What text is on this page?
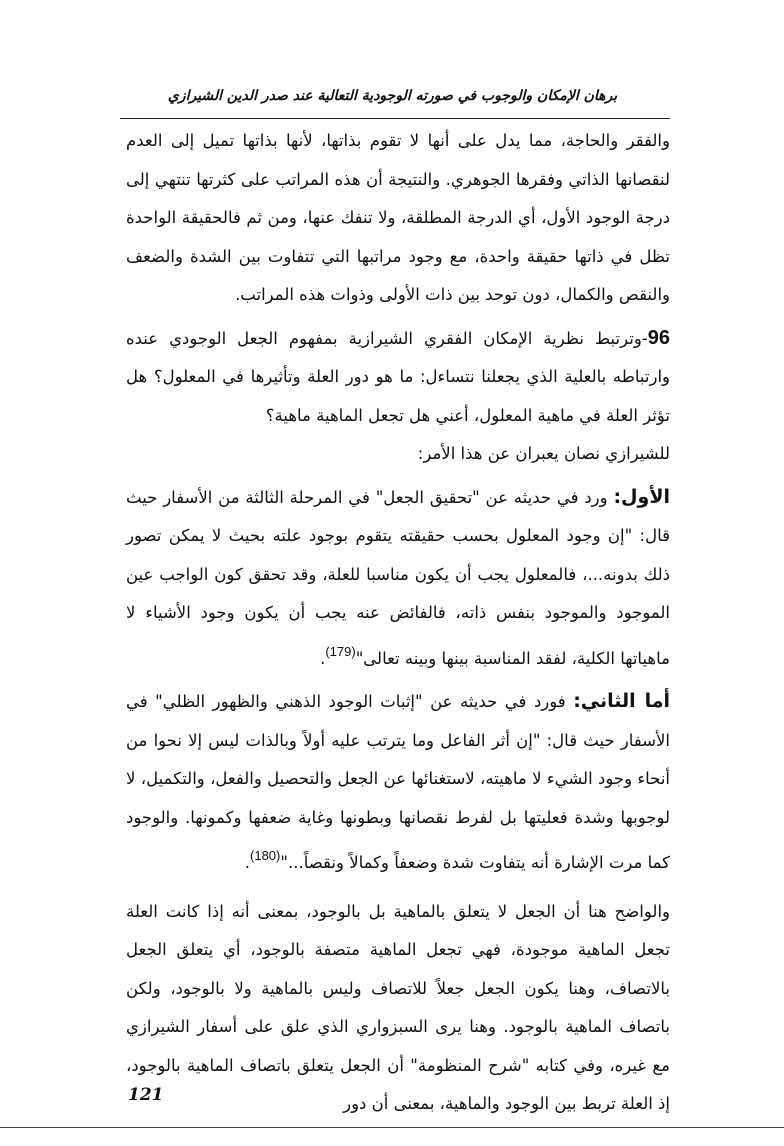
برهان الإمكان والوجوب في صورته الوجودية التعالية عند صدر الدين الشيرازي

والفقر والحاجة، مما يدل على أنها لا تقوم بذاتها، لأنها بذاتها تميل إلى العدم لنقصانها الذاتي وفقرها الجوهري. والنتيجة أن هذه المراتب على كثرتها تنتهي إلى درجة الوجود الأول، أي الدرجة المطلقة، ولا تنفك عنها، ومن ثم فالحقيقة الواحدة تظل في ذاتها حقيقة واحدة، مع وجود مراتبها التي تتفاوت بين الشدة والضعف والنقص والكمال، دون توحد بين ذات الأولى وذوات هذه المراتب.

96-وترتبط نظرية الإمكان الفقري الشيرازية بمفهوم الجعل الوجودي عنده وارتباطه بالعلية الذي يجعلنا نتساءل: ما هو دور العلة وتأثيرها في المعلول؟ هل تؤثر العلة في ماهية المعلول، أعني هل تجعل الماهية ماهية؟

للشيرازي نصان يعبران عن هذا الأمر:

الأول: ورد في حديثه عن "تحقيق الجعل" في المرحلة الثالثة من الأسفار حيث قال: "إن وجود المعلول بحسب حقيقته يتقوم بوجود علته بحيث لا يمكن تصور ذلك بدونه...، فالمعلول يجب أن يكون مناسبا للعلة، وقد تحقق كون الواجب عين الموجود والموجود بنفس ذاته، فالفائض عنه يجب أن يكون وجود الأشياء لا ماهياتها الكلية، لفقد المناسبة بينها وبينه تعالى"$^{(179)}$.

أما الثاني: فورد في حديثه عن "إثبات الوجود الذهني والظهور الظلي" في الأسفار حيث قال: "إن أثر الفاعل وما يترتب عليه أولاً وبالذات ليس إلا نحوا من أنحاء وجود الشيء لا ماهيته، لاستغنائها عن الجعل والتحصيل والفعل، والتكميل، لا لوجوبها وشدة فعليتها بل لفرط نقصانها وبطونها وغاية ضعفها وكمونها. والوجود كما مرت الإشارة أنه يتفاوت شدة وضعفاً وكمالاً ونقصاً..."$^{(180)}$.

والواضح هنا أن الجعل لا يتعلق بالماهية بل بالوجود، بمعنى أنه إذا كانت العلة تجعل الماهية موجودة، فهي تجعل الماهية متصفة بالوجود، أي يتعلق الجعل بالاتصاف، وهنا يكون الجعل جعلاً للاتصاف وليس بالماهية ولا بالوجود، ولكن باتصاف الماهية بالوجود. وهنا يرى السبزواري الذي علق على أسفار الشيرازي مع غيره، وفي كتابه "شرح المنظومة" أن الجعل يتعلق باتصاف الماهية بالوجود، إذ العلة تربط بين الوجود والماهية، بمعنى أن دور

121
